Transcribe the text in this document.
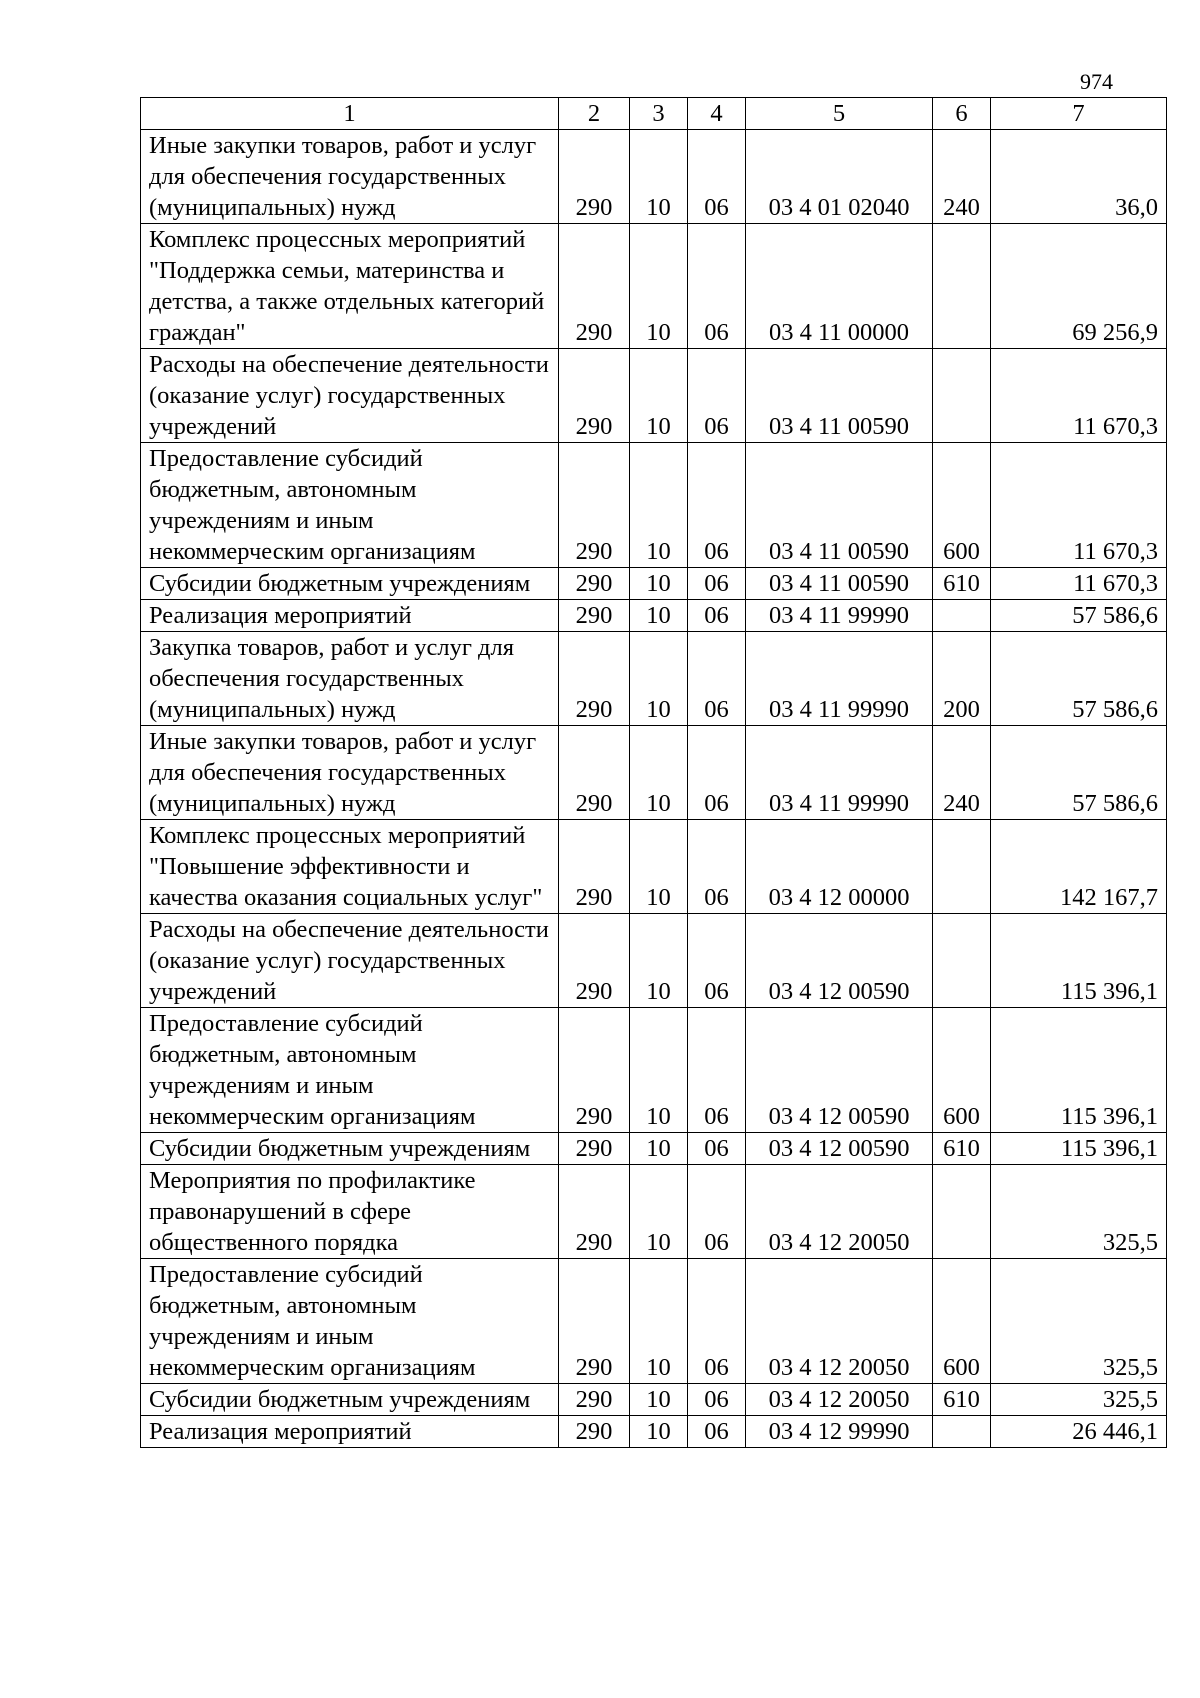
974
1	2	3	4	5	6	7
Иные закупки товаров, работ и услуг для обеспечения государственных (муниципальных) нужд	290	10	06	03 4 01 02040	240	36,0
Комплекс процессных мероприятий "Поддержка семьи, материнства и детства, а также отдельных категорий граждан"	290	10	06	03 4 11 00000		69 256,9
Расходы на обеспечение деятельности (оказание услуг) государственных учреждений	290	10	06	03 4 11 00590		11 670,3
Предоставление субсидий бюджетным, автономным учреждениям и иным некоммерческим организациям	290	10	06	03 4 11 00590	600	11 670,3
Субсидии бюджетным учреждениям	290	10	06	03 4 11 00590	610	11 670,3
Реализация мероприятий	290	10	06	03 4 11 99990		57 586,6
Закупка товаров, работ и услуг для обеспечения государственных (муниципальных) нужд	290	10	06	03 4 11 99990	200	57 586,6
Иные закупки товаров, работ и услуг для обеспечения государственных (муниципальных) нужд	290	10	06	03 4 11 99990	240	57 586,6
Комплекс процессных мероприятий "Повышение эффективности и качества оказания социальных услуг"	290	10	06	03 4 12 00000		142 167,7
Расходы на обеспечение деятельности (оказание услуг) государственных учреждений	290	10	06	03 4 12 00590		115 396,1
Предоставление субсидий бюджетным, автономным учреждениям и иным некоммерческим организациям	290	10	06	03 4 12 00590	600	115 396,1
Субсидии бюджетным учреждениям	290	10	06	03 4 12 00590	610	115 396,1
Мероприятия по профилактике правонарушений в сфере общественного порядка	290	10	06	03 4 12 20050		325,5
Предоставление субсидий бюджетным, автономным учреждениям и иным некоммерческим организациям	290	10	06	03 4 12 20050	600	325,5
Субсидии бюджетным учреждениям	290	10	06	03 4 12 20050	610	325,5
Реализация мероприятий	290	10	06	03 4 12 99990		26 446,1
